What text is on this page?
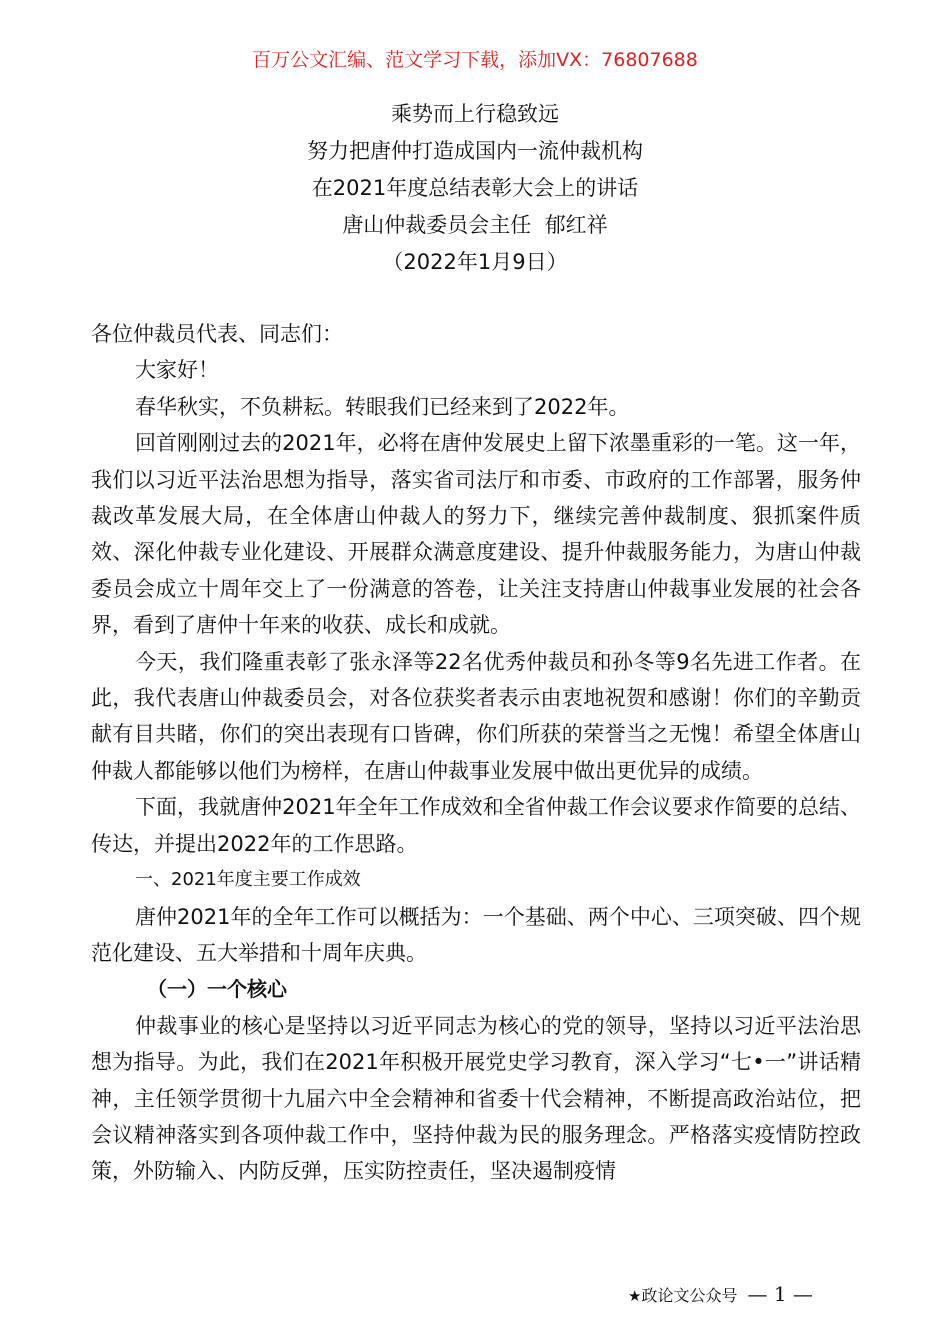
百万公文汇编、范文学习下载，添加VX：76807688
乘势而上行稳致远
努力把唐仲打造成国内一流仲裁机构
在2021年度总结表彰大会上的讲话
唐山仲裁委员会主任  郁红祥
（2022年1月9日）
各位仲裁员代表、同志们：
大家好！
春华秋实，不负耕耘。转眼我们已经来到了2022年。
回首刚刚过去的2021年，必将在唐仲发展史上留下浓墨重彩的一笔。这一年，我们以习近平法治思想为指导，落实省司法厅和市委、市政府的工作部署，服务仲裁改革发展大局，在全体唐山仲裁人的努力下，继续完善仲裁制度、狠抓案件质效、深化仲裁专业化建设、开展群众满意度建设、提升仲裁服务能力，为唐山仲裁委员会成立十周年交上了一份满意的答卷，让关注支持唐山仲裁事业发展的社会各界，看到了唐仲十年来的收获、成长和成就。
今天，我们隆重表彰了张永泽等22名优秀仲裁员和孙冬等9名先进工作者。在此，我代表唐山仲裁委员会，对各位获奖者表示由衷地祝贺和感谢！你们的辛勤贡献有目共睹，你们的突出表现有口皆碑，你们所获的荣誉当之无愧！希望全体唐山仲裁人都能够以他们为榜样，在唐山仲裁事业发展中做出更优异的成绩。
下面，我就唐仲2021年全年工作成效和全省仲裁工作会议要求作简要的总结、传达，并提出2022年的工作思路。
一、2021年度主要工作成效
唐仲2021年的全年工作可以概括为：一个基础、两个中心、三项突破、四个规范化建设、五大举措和十周年庆典。
（一）一个核心
仲裁事业的核心是坚持以习近平同志为核心的党的领导，坚持以习近平法治思想为指导。为此，我们在2021年积极开展党史学习教育，深入学习“七•一”讲话精神，主任领学贯彻十九届六中全会精神和省委十代会精神，不断提高政治站位，把会议精神落实到各项仲裁工作中，坚持仲裁为民的服务理念。严格落实疫情防控政策，外防输入、内防反弹，压实防控责任，坚决遏制疫情
★政论文公众号 — 1 —
